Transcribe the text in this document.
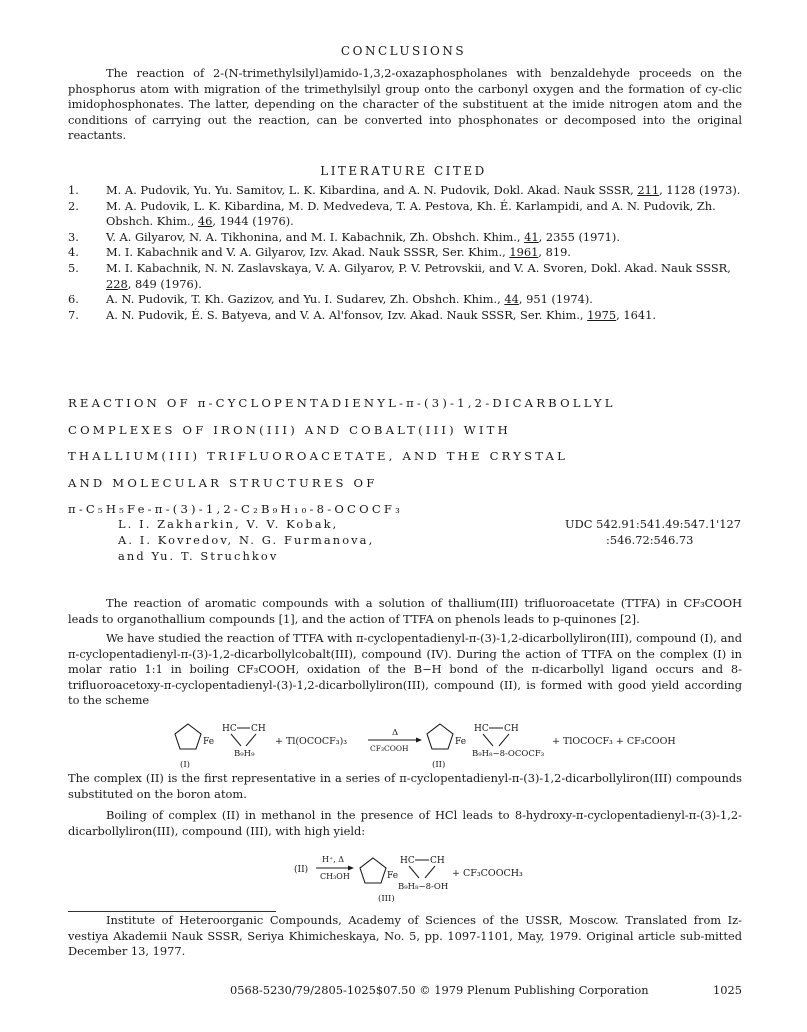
CONCLUSIONS
The reaction of 2-(N-trimethylsilyl)amido-1,3,2-oxazaphospholanes with benzaldehyde proceeds on the phosphorus atom with migration of the trimethylsilyl group onto the carbonyl oxygen and the formation of cy-clic imidophosphonates. The latter, depending on the character of the substituent at the imide nitrogen atom and the conditions of carrying out the reaction, can be converted into phosphonates or decomposed into the original reactants.
LITERATURE CITED
1.	M. A. Pudovik, Yu. Yu. Samitov, L. K. Kibardina, and A. N. Pudovik, Dokl. Akad. Nauk SSSR, 211, 1128 (1973).
2.	M. A. Pudovik, L. K. Kibardina, M. D. Medvedeva, T. A. Pestova, Kh. É. Karlampidi, and A. N. Pudovik, Zh. Obshch. Khim., 46, 1944 (1976).
3.	V. A. Gilyarov, N. A. Tikhonina, and M. I. Kabachnik, Zh. Obshch. Khim., 41, 2355 (1971).
4.	M. I. Kabachnik and V. A. Gilyarov, Izv. Akad. Nauk SSSR, Ser. Khim., 1961, 819.
5.	M. I. Kabachnik, N. N. Zaslavskaya, V. A. Gilyarov, P. V. Petrovskii, and V. A. Svoren, Dokl. Akad. Nauk SSSR, 228, 849 (1976).
6.	A. N. Pudovik, T. Kh. Gazizov, and Yu. I. Sudarev, Zh. Obshch. Khim., 44, 951 (1974).
7.	A. N. Pudovik, É. S. Batyeva, and V. A. Al'fonsov, Izv. Akad. Nauk SSSR, Ser. Khim., 1975, 1641.
REACTION OF π-CYCLOPENTADIENYL-π-(3)-1,2-DICARBOLLYL
COMPLEXES OF IRON(III) AND COBALT(III) WITH
THALLIUM(III) TRIFLUOROACETATE, AND THE CRYSTAL
AND MOLECULAR STRUCTURES OF
π-C₅H₅Fe-π-(3)-1,2-C₂B₉H₁₀-8-OCOCF₃
L. I. Zakharkin, V. V. Kobak,
A. I. Kovredov, N. G. Furmanova,
and Yu. T. Struchkov
UDC 542.91:541.49:547.1'127
:546.72:546.73
The reaction of aromatic compounds with a solution of thallium(III) trifluoroacetate (TTFA) in CF₃COOH leads to organothallium compounds [1], and the action of TTFA on phenols leads to p-quinones [2].
We have studied the reaction of TTFA with π-cyclopentadienyl-π-(3)-1,2-dicarbollyliron(III), compound (I), and π-cyclopentadienyl-π-(3)-1,2-dicarbollylcobalt(III), compound (IV). During the action of TTFA on the complex (I) in molar ratio 1:1 in boiling CF₃COOH, oxidation of the B−H bond of the π-dicarbollyl ligand occurs and 8-trifluoroacetoxy-π-cyclopentadienyl-(3)-1,2-dicarbollyliron(III), compound (II), is formed with good yield according to the scheme
Fe
HC CH
B₉H₉
(I)
+ Tl(OCOCF₃)₃
Δ
CF₃COOH
Fe
HC CH
B₉H₈−8-OCOCF₃
(II)
+ TlOCOCF₃ + CF₃COOH
The complex (II) is the first representative in a series of π-cyclopentadienyl-π-(3)-1,2-dicarbollyliron(III) compounds substituted on the boron atom.
Boiling of complex (II) in methanol in the presence of HCl leads to 8-hydroxy-π-cyclopentadienyl-π-(3)-1,2-dicarbollyliron(III), compound (III), with high yield:
(II)
H⁺, Δ
CH₃OH	Fe
HC CH
B₉H₈−8-OH
(III)
+ CF₃COOCH₃
Institute of Heteroorganic Compounds, Academy of Sciences of the USSR, Moscow. Translated from Iz-vestiya Akademii Nauk SSSR, Seriya Khimicheskaya, No. 5, pp. 1097-1101, May, 1979. Original article sub-mitted December 13, 1977.
0568-5230/79/2805-1025$07.50 © 1979 Plenum Publishing Corporation	1025
